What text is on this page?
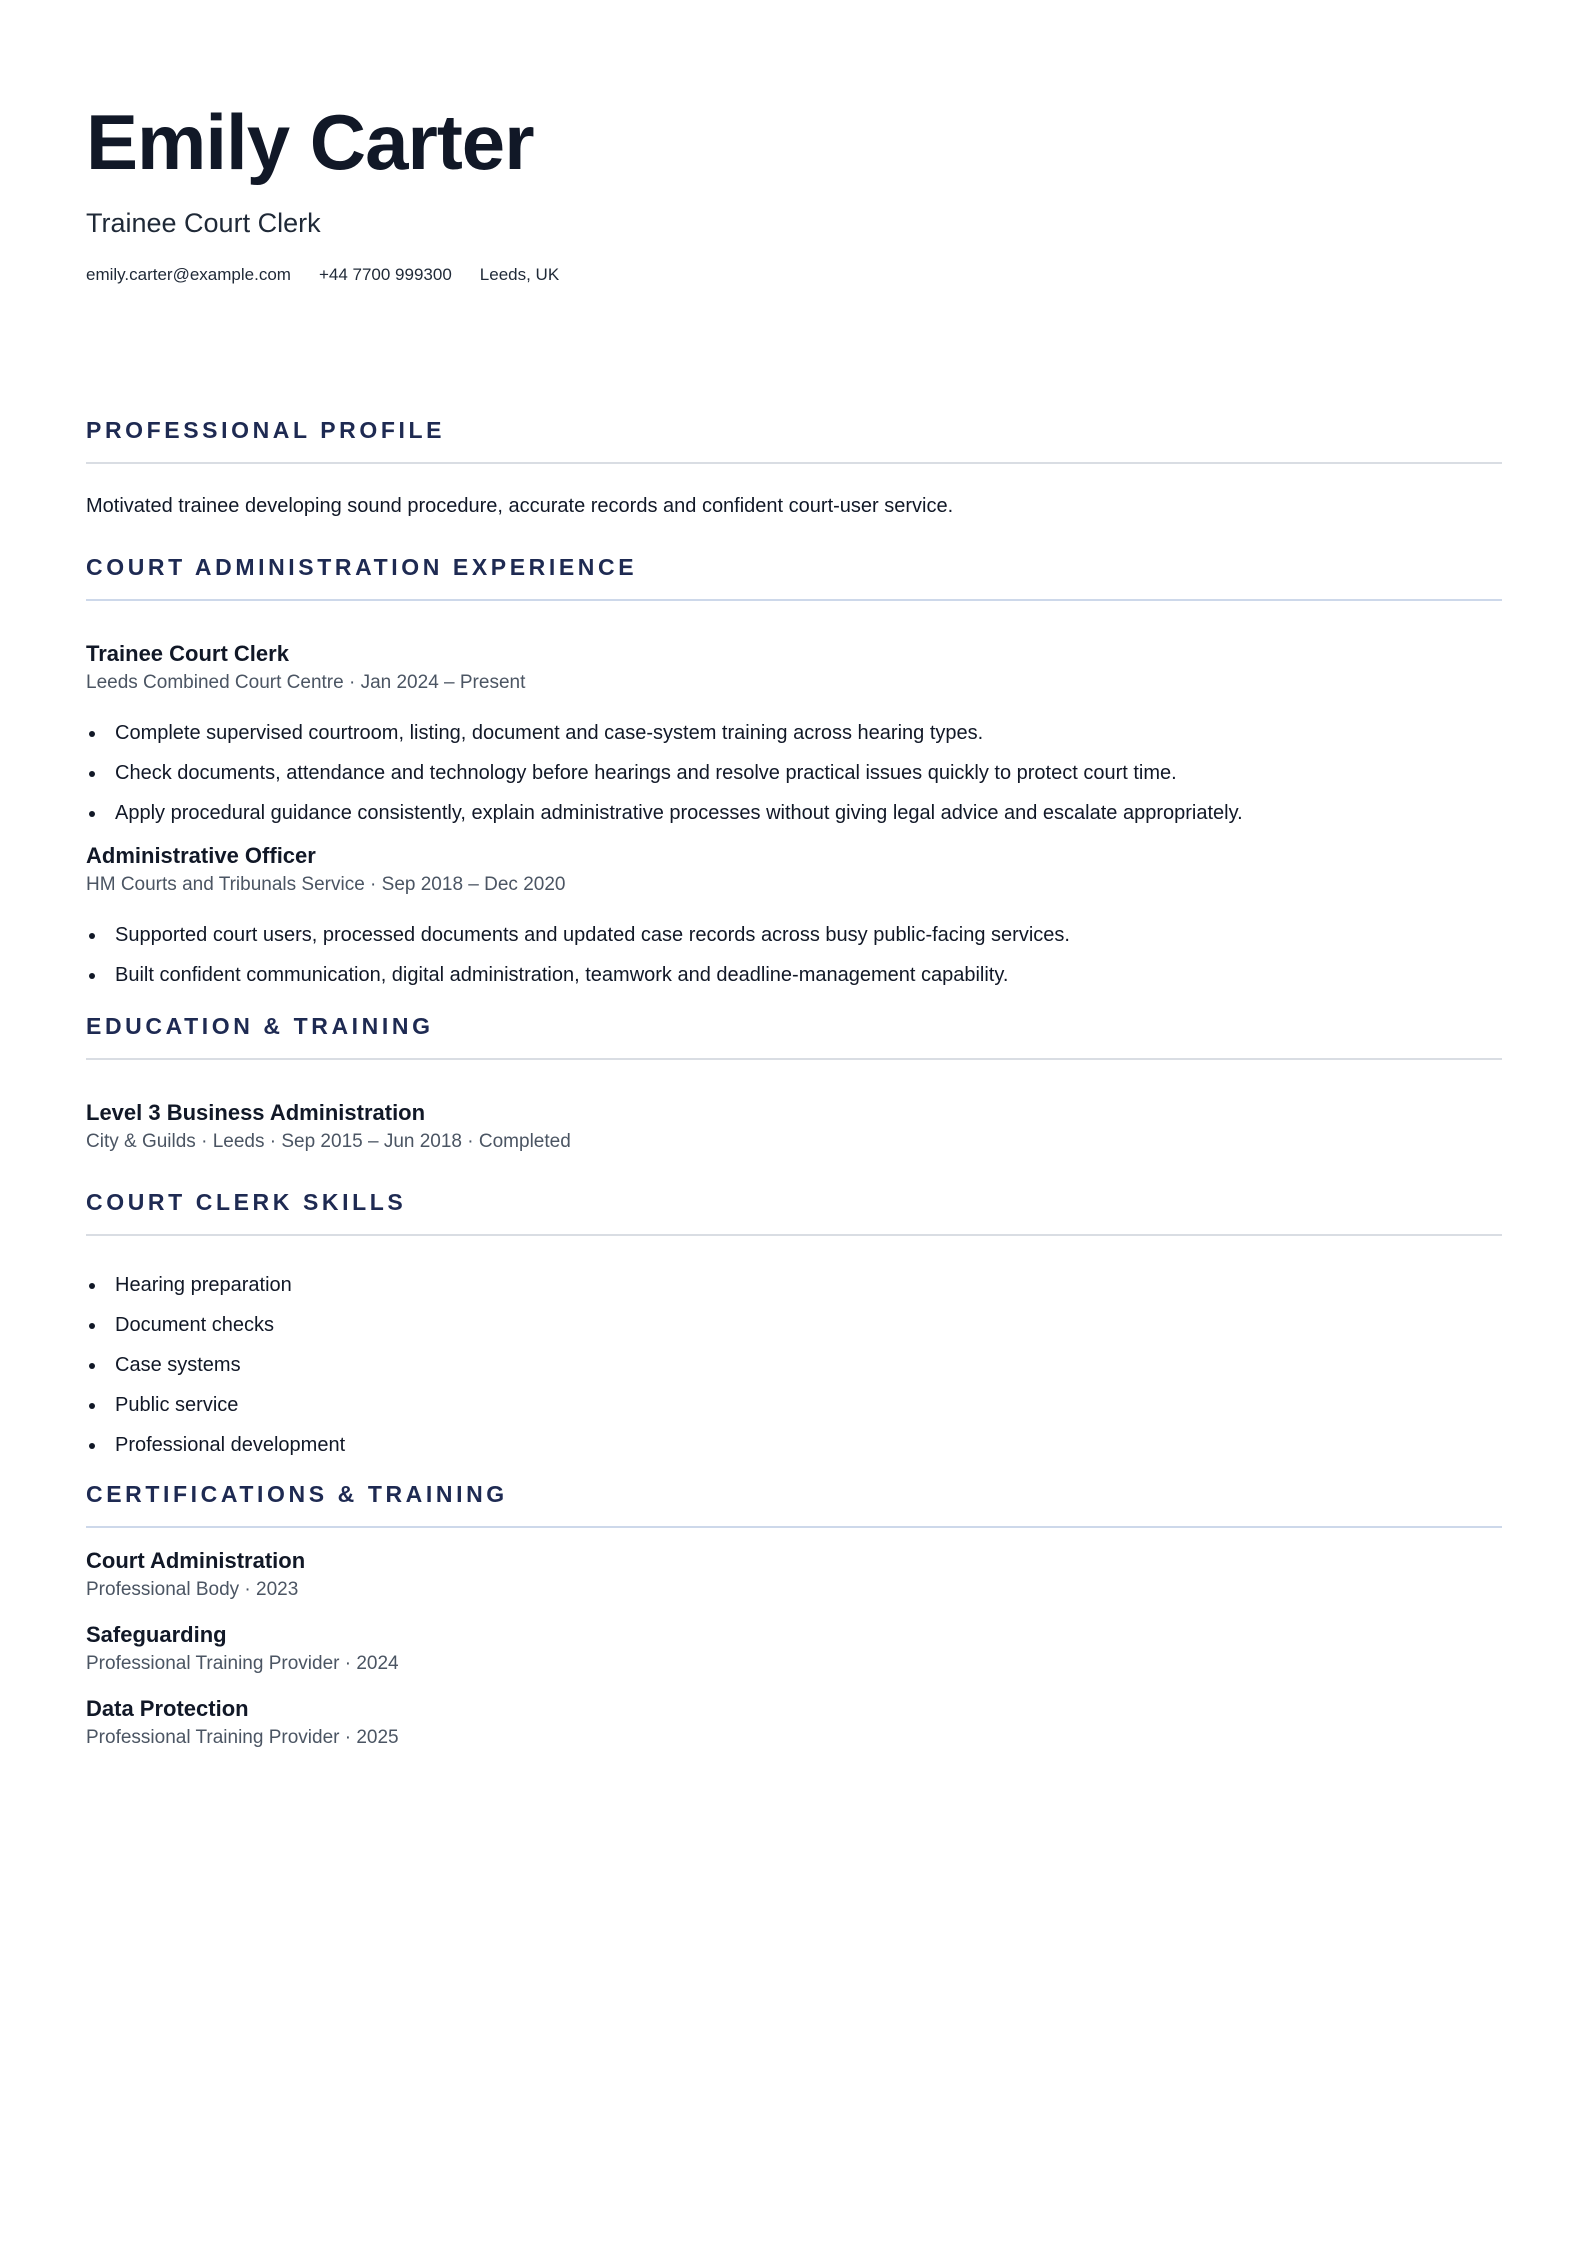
Emily Carter
Trainee Court Clerk
emily.carter@example.com +44 7700 999300 Leeds, UK
PROFESSIONAL PROFILE
Motivated trainee developing sound procedure, accurate records and confident court-user service.
COURT ADMINISTRATION EXPERIENCE
Trainee Court Clerk
Leeds Combined Court Centre · Jan 2024 – Present
Complete supervised courtroom, listing, document and case-system training across hearing types.
Check documents, attendance and technology before hearings and resolve practical issues quickly to protect court time.
Apply procedural guidance consistently, explain administrative processes without giving legal advice and escalate appropriately.
Administrative Officer
HM Courts and Tribunals Service · Sep 2018 – Dec 2020
Supported court users, processed documents and updated case records across busy public-facing services.
Built confident communication, digital administration, teamwork and deadline-management capability.
EDUCATION & TRAINING
Level 3 Business Administration
City & Guilds · Leeds · Sep 2015 – Jun 2018 · Completed
COURT CLERK SKILLS
Hearing preparation
Document checks
Case systems
Public service
Professional development
CERTIFICATIONS & TRAINING
Court Administration
Professional Body · 2023
Safeguarding
Professional Training Provider · 2024
Data Protection
Professional Training Provider · 2025
